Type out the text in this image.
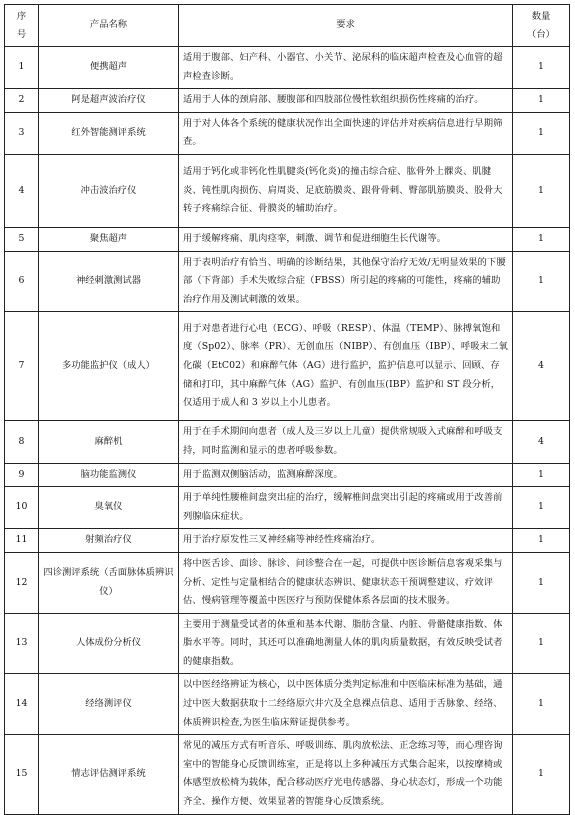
序
号	产品名称	要求	数量
（台）
1	便携超声	适用于腹部、妇产科、小器官、小关节、泌尿科的临床超声检查及心血管的超声检查诊断。	1
2	阿是超声波治疗仪	适用于人体的颈肩部、腰腹部和四肢部位慢性软组织损伤性疼痛的治疗。	1
3	红外智能测评系统	用于对人体各个系统的健康状况作出全面快速的评估并对疾病信息进行早期筛查。	1
4	冲击波治疗仪	适用于钙化或非钙化性肌腱炎(钙化炎)的撞击综合症、肱骨外上髁炎、肌腱炎、钝性肌肉损伤、肩周炎、足底筋膜炎、跟骨骨刺、臀部肌筋膜炎、股骨大转子疼痛综合征、骨膜炎的辅助治疗。	1
5	聚焦超声	用于缓解疼痛、肌肉痉挛，刺激、调节和促进细胞生长代谢等。	1
6	神经刺激测试器	用于表明治疗有恰当、明确的诊断结果，其他保守治疗无效/无明显效果的下腰部（下背部）手术失败综合症（FBSS）所引起的疼痛的可能性，疼痛的辅助治疗作用及测试刺激的效果。	1
7	多功能监护仪（成人）	用于对患者进行心电（ECG）、呼吸（RESP）、体温（TEMP）、脉搏氧饱和度（Sp02）、脉率（PR）、无创血压（NIBP）、有创血压（IBP）、呼吸末二氧化碳（EtC02）和麻醉气体（AG）进行监护，监护信息可以显示、回顾、存储和打印，其中麻醉气体（AG）监护、有创血压(IBP）监护和 ST 段分析，仅适用于成人和 3 岁以上小儿患者。	4
8	麻醉机	用于在手术期间向患者（成人及三岁以上儿童）提供常规吸入式麻醉和呼吸支持，同时监测和显示的患者呼吸参数。	4
9	脑功能监测仪	用于监测双侧脑活动，监测麻醉深度。	1
10	臭氧仪	用于单纯性腰椎间盘突出症的治疗，缓解椎间盘突出引起的疼痛或用于改善前列腺临床症状。	1
11	射频治疗仪	用于治疗原发性三叉神经痛等神经性疼痛治疗。	1
12	四诊测评系统（舌面脉体质辨识仪）	将中医舌诊、面诊、脉诊、问诊整合在一起，可提供中医诊断信息客观采集与分析、定性与定量相结合的健康状态辨识、健康状态干预调整建议、疗效评估、慢病管理等覆盖中医医疗与预防保健体系各层面的技术服务。	1
13	人体成份分析仪	主要用于测量受试者的体重和基本代谢、脂肪含量、内脏、骨骼健康指数、体脂水平等。同时，其还可以准确地测量人体的肌肉质量数据，有效反映受试者的健康指数。	1
14	经络测评仪	以中医经络辨证为核心，以中医体质分类判定标准和中医临床标准为基础，通过中医大数据获取十二经络原穴井穴及全息裸点信息、适用于舌脉象、经络、体质辨识检查,为医生临床辩证提供参考。	1
15	情志评估测评系统	常见的减压方式有听音乐、呼吸训练、肌肉放松法、正念练习等，而心理咨询室中的智能身心反馈训练室，正是将以上多种减压方式集合起来，以按摩椅或体感型放松椅为载体，配合移动医疗光电传感器、身心状态灯，形成一个功能齐全、操作方便、效果显著的智能身心反馈系统。	1
